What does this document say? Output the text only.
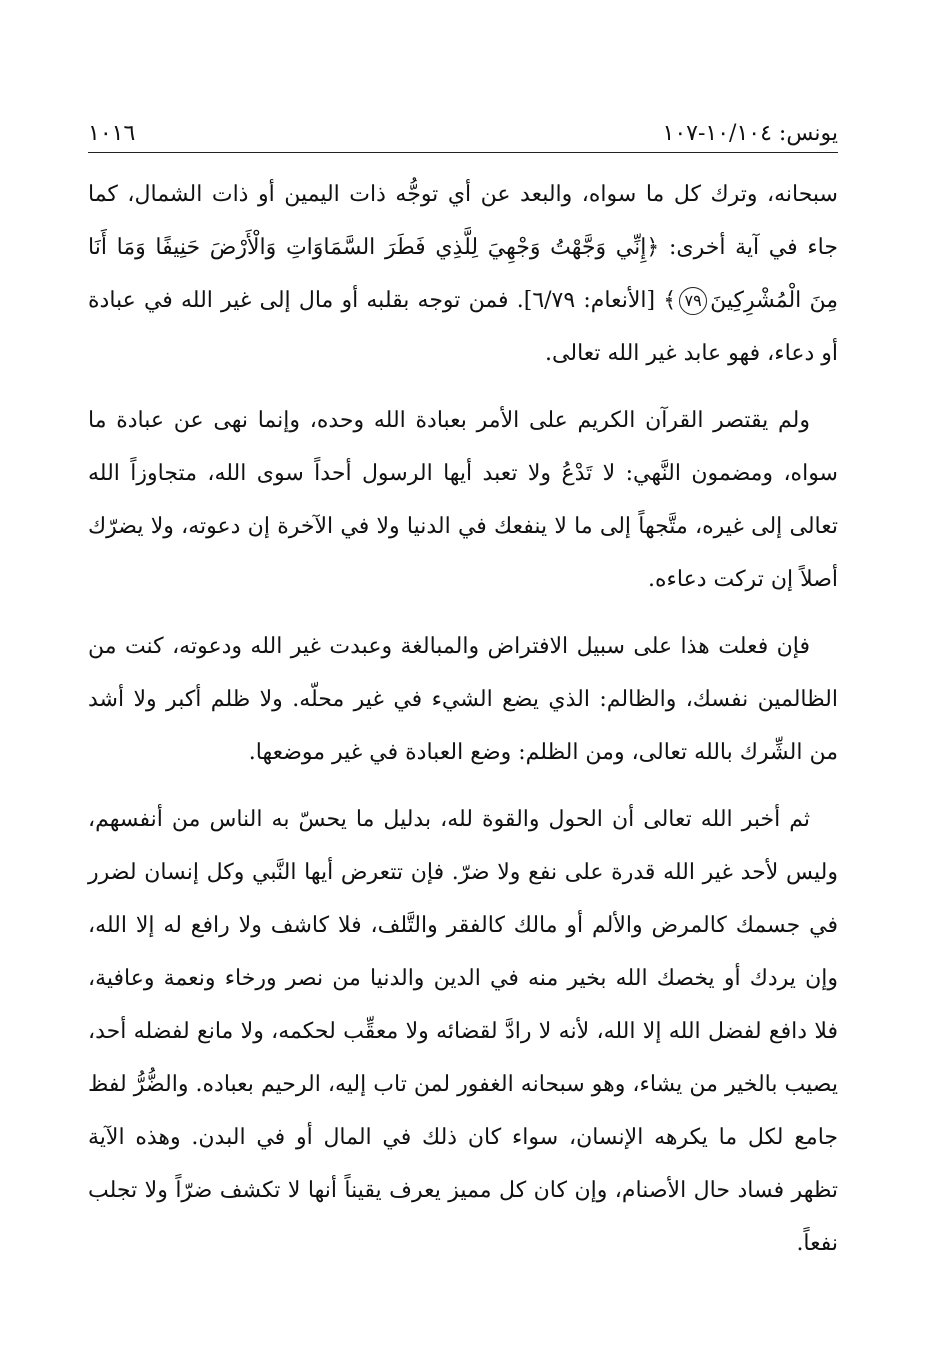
يونس: ١٠/١٠٤-١٠٧
١٠١٦

سبحانه، وترك كل ما سواه، والبعد عن أي توجُّه ذات اليمين أو ذات الشمال، كما جاء في آية أخرى: ﴿إِنِّي وَجَّهْتُ وَجْهِيَ لِلَّذِي فَطَرَ السَّمَاوَاتِ وَالْأَرْضَ حَنِيفًا وَمَا أَنَا مِنَ الْمُشْرِكِينَ٧٩﴾ [الأنعام: ٦/٧٩]. فمن توجه بقلبه أو مال إلى غير الله في عبادة أو دعاء، فهو عابد غير الله تعالى.

ولم يقتصر القرآن الكريم على الأمر بعبادة الله وحده، وإنما نهى عن عبادة ما سواه، ومضمون النَّهي: لا تَدْعُ ولا تعبد أيها الرسول أحداً سوى الله، متجاوزاً الله تعالى إلى غيره، متَّجهاً إلى ما لا ينفعك في الدنيا ولا في الآخرة إن دعوته، ولا يضرّك أصلاً إن تركت دعاءه.

فإن فعلت هذا على سبيل الافتراض والمبالغة وعبدت غير الله ودعوته، كنت من الظالمين نفسك، والظالم: الذي يضع الشيء في غير محلّه. ولا ظلم أكبر ولا أشد من الشِّرك بالله تعالى، ومن الظلم: وضع العبادة في غير موضعها.

ثم أخبر الله تعالى أن الحول والقوة لله، بدليل ما يحسّ به الناس من أنفسهم، وليس لأحد غير الله قدرة على نفع ولا ضرّ. فإن تتعرض أيها النَّبي وكل إنسان لضرر في جسمك كالمرض والألم أو مالك كالفقر والتَّلف، فلا كاشف ولا رافع له إلا الله، وإن يردك أو يخصك الله بخير منه في الدين والدنيا من نصر ورخاء ونعمة وعافية، فلا دافع لفضل الله إلا الله، لأنه لا رادَّ لقضائه ولا معقِّب لحكمه، ولا مانع لفضله أحد، يصيب بالخير من يشاء، وهو سبحانه الغفور لمن تاب إليه، الرحيم بعباده. والضُّرُّ لفظ جامع لكل ما يكرهه الإنسان، سواء كان ذلك في المال أو في البدن. وهذه الآية تظهر فساد حال الأصنام، وإن كان كل مميز يعرف يقيناً أنها لا تكشف ضرّاً ولا تجلب نفعاً.
